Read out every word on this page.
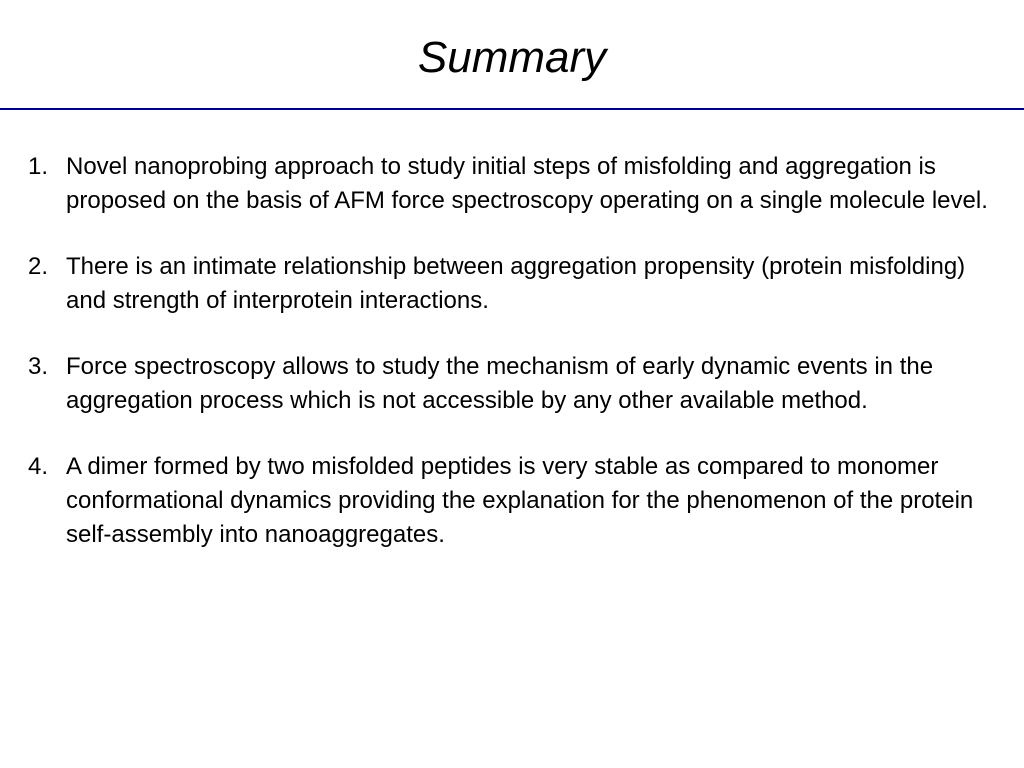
Summary
1. Novel nanoprobing approach to study initial steps of misfolding and aggregation is proposed on the basis of AFM force spectroscopy operating on a single molecule level.
2. There is an intimate relationship between aggregation propensity (protein misfolding) and strength of interprotein interactions.
3. Force spectroscopy allows to study the mechanism of early dynamic events in the aggregation process which is not accessible by any other available method.
4. A dimer formed by two misfolded peptides is very stable as compared to monomer conformational dynamics providing the explanation for the phenomenon of the protein self-assembly into nanoaggregates.
